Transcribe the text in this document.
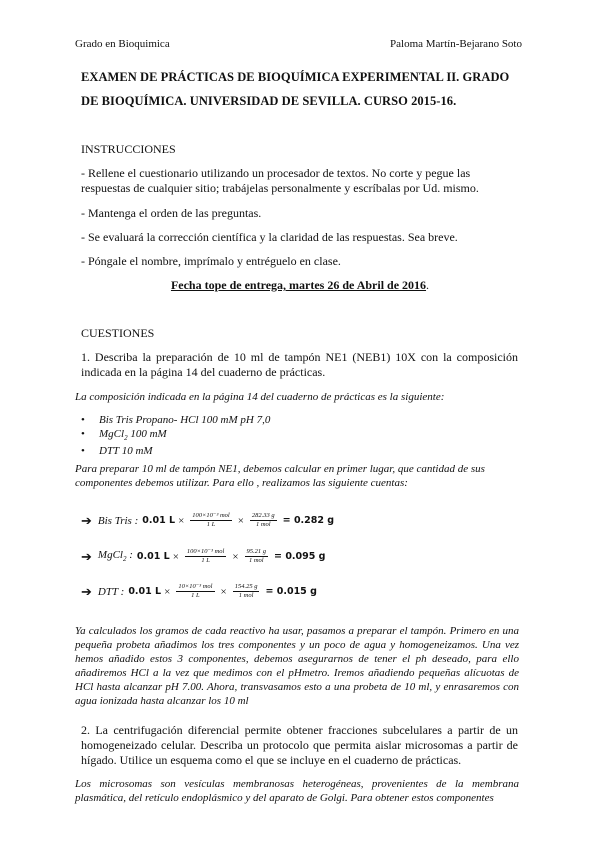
Grado en Bioquimica	Paloma Martín-Bejarano Soto
EXAMEN DE PRÁCTICAS DE BIOQUÍMICA EXPERIMENTAL II. GRADO
DE BIOQUÍMICA. UNIVERSIDAD DE SEVILLA. CURSO 2015-16.
INSTRUCCIONES
- Rellene el cuestionario utilizando un procesador de textos. No corte y pegue las respuestas de cualquier sitio; trabájelas personalmente y escríbalas por Ud. mismo.
- Mantenga el orden de las preguntas.
- Se evaluará la corrección científica y la claridad de las respuestas. Sea breve.
- Póngale el nombre, imprímalo y entréguelo en clase.
Fecha tope de entrega, martes 26 de Abril de 2016.
CUESTIONES
1. Describa la preparación de 10 ml de tampón NE1 (NEB1) 10X con la composición indicada en la página 14 del cuaderno de prácticas.
La composición indicada en la página 14 del cuaderno de prácticas es la siguiente:
• Bis Tris Propano- HCl 100 mM pH 7,0
• MgCl$_2$ 100 mM
• DTT 10 mM
Para preparar 10 ml de tampón NE1, debemos calcular en primer lugar, que cantidad de sus componentes debemos utilizar. Para ello , realizamos las siguiente cuentas:
➔ Bis Tris : 0.01 $L \times \frac{\text{100×10⁻³ mol}}{1 L} \times \frac{282.33 g}{\text{1 mol}} = 0.282$ g
➔ MgCl$_2$ : 0.01 $L \times \frac{\text{100×10⁻³ mol}}{1 L} \times \frac{95.21 g}{\text{1 mol}} = 0.095$ g
➔ DTT : 0.01 $L \times \frac{\text{10×10⁻³ mol}}{1 L} \times \frac{154.25 g}{\text{1 mol}} = 0.015$ g
Ya calculados los gramos de cada reactivo ha usar, pasamos a preparar el tampón. Primero en una pequeña probeta añadimos los tres componentes y un poco de agua y homogeneizamos. Una vez hemos añadido estos 3 componentes, debemos asegurarnos de tener el ph deseado, para ello añadiremos HCl a la vez que medimos con el pHmetro. Iremos añadiendo pequeñas alícuotas de HCl hasta alcanzar pH 7.00. Ahora, transvasamos esto a una probeta de 10 ml, y enrasaremos con agua ionizada hasta alcanzar los 10 ml
2. La centrifugación diferencial permite obtener fracciones subcelulares a partir de un homogeneizado celular. Describa un protocolo que permita aislar microsomas a partir de hígado. Utilice un esquema como el que se incluye en el cuaderno de prácticas.
Los microsomas son vesículas membranosas heterogéneas, provenientes de la membrana plasmática, del retículo endoplásmico y del aparato de Golgi. Para obtener estos componentes
